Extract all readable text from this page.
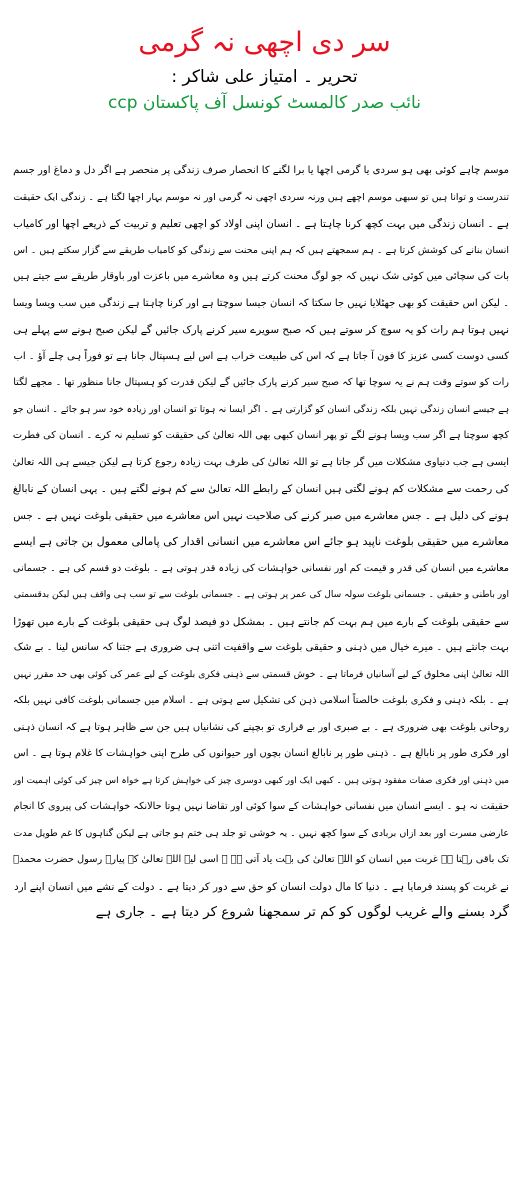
سر دی اچھی نہ گرمی
تحریر ۔ امتیاز علی شاکر :
نائب صدر کالمسٹ کونسل آف پاکستان ccp
موسم چاہے کوئی بھی ہو سردی یا گرمی اچھا یا برا لگنے کا انحصار صرف زندگی پر منحصر ہے اگر دل و دماغ اور جسم
تندرست و توانا ہیں تو سبھی موسم اچھے ہیں ورنہ سردی اچھی نہ گرمی اور نہ موسم بہار اچھا لگتا ہے ۔ زندگی ایک حقیقت
ہے ۔ انسان زندگی میں بہت کچھ کرنا چاہتا ہے ۔ انسان اپنی اولاد کو اچھی تعلیم و تربیت کے ذریعے اچھا اور کامیاب
انسان بنانے کی کوشش کرتا ہے ۔ ہم سمجھتے ہیں کہ ہم اپنی محنت سے زندگی کو کامیاب طریقے سے گزار سکتے ہیں ۔ اس
بات کی سچائی میں کوئی شک نہیں کہ جو لوگ محنت کرتے ہیں وہ معاشرے میں باعزت اور باوقار طریقے سے جیتے ہیں
۔ لیکن اس حقیقت کو بھی جھٹلایا نہیں جا سکتا کہ انسان جیسا سوچتا ہے اور کرنا چاہتا ہے زندگی میں سب ویسا ویسا
نہیں ہوتا ہم رات کو یہ سوچ کر سوتے ہیں کہ صبح سویرے سیر کرنے پارک جائیں گے لیکن صبح ہونے سے پہلے ہی
کسی دوست کسی عزیز کا فون آ جاتا ہے کہ اس کی طبیعت خراب ہے اس لیے ہسپتال جانا ہے تو فوراً ہی چلے آؤ ۔ اب
رات کو سوتے وقت ہم نے یہ سوچا تھا کہ صبح سیر کرنے پارک جائیں گے لیکن قدرت کو ہسپتال جانا منظور تھا ۔ مجھے لگتا
ہے جیسے انسان زندگی نہیں بلکہ زندگی انسان کو گزارتی ہے ۔ اگر ایسا نہ ہوتا تو انسان اور زیادہ خود سر ہو جائے ۔ انسان جو
کچھ سوچتا ہے اگر سب ویسا ہونے لگے تو پھر انسان کبھی بھی اللہ تعالیٰ کی حقیقت کو تسلیم نہ کرے ۔ انسان کی فطرت
ایسی ہے جب دنیاوی مشکلات میں گر جاتا ہے تو اللہ تعالیٰ کی طرف بہت زیادہ رجوع کرتا ہے لیکن جیسے ہی اللہ تعالیٰ
کی رحمت سے مشکلات کم ہونے لگتی ہیں انسان کے رابطے اللہ تعالیٰ سے کم ہونے لگتے ہیں ۔ یہی انسان کے نابالغ
ہونے کی دلیل ہے ۔ جس معاشرے میں صبر کرنے کی صلاحیت نہیں اس معاشرے میں حقیقی بلوغت نہیں ہے ۔ جس
معاشرے میں حقیقی بلوغت ناپید ہو جائے اس معاشرے میں انسانی اقدار کی پامالی معمول بن جاتی ہے ایسے
معاشرے میں انسان کی قدر و قیمت کم اور نفسانی خواہشات کی زیادہ قدر ہوتی ہے ۔ بلوغت دو قسم کی ہے ۔ جسمانی
اور باطنی و حقیقی ۔ جسمانی بلوغت سولہ سال کی عمر پر ہوتی ہے ۔ جسمانی بلوغت سے تو سب ہی واقف ہیں لیکن بدقسمتی
سے حقیقی بلوغت کے بارے میں ہم بہت کم جانتے ہیں ۔ بمشکل دو فیصد لوگ ہی حقیقی بلوغت کے بارے میں تھوڑا
بہت جانتے ہیں ۔ میرے خیال میں ذہنی و حقیقی بلوغت سے واقفیت اتنی ہی ضروری ہے جتنا کہ سانس لینا ۔ بے شک
اللہ تعالیٰ اپنی مخلوق کے لیے آسانیاں فرماتا ہے ۔ خوش قسمتی سے ذہنی فکری بلوغت کے لیے عمر کی کوئی بھی حد مقرر نہیں
ہے ۔ بلکہ ذہنی و فکری بلوغت خالصتاً اسلامی ذہن کی تشکیل سے ہوتی ہے ۔ اسلام میں جسمانی بلوغت کافی نہیں بلکہ
روحانی بلوغت بھی ضروری ہے ۔ بے صبری اور بے قراری تو بچپنے کی نشانیاں ہیں جن سے ظاہر ہوتا ہے کہ انسان ذہنی
اور فکری طور پر نابالغ ہے ۔ ذہنی طور پر نابالغ انسان بچوں اور حیوانوں کی طرح اپنی خواہشات کا غلام ہوتا ہے ۔ اس
میں ذہنی اور فکری صفات مفقود ہوتی ہیں ۔ کبھی ایک اور کبھی دوسری چیز کی خواہش کرتا ہے خواہ اس چیز کی کوئی اہمیت اور
حقیقت نہ ہو ۔ ایسے انسان میں نفسانی خواہشات کے سوا کوئی اور تقاضا نہیں ہوتا حالانکہ خواہشات کی پیروی کا انجام
عارضی مسرت اور بعد ازاں بربادی کے سوا کچھ نہیں ۔ یہ خوشی تو جلد ہی ختم ہو جاتی ہے لیکن گناہوں کا غم طویل مدت
تک باقی رہتا ہے غربت میں انسان کو اللہ تعالیٰ کی بہت یاد آتی ہے ۔ اسی لیے اللہ تعالیٰ کے پیارے رسول حضرت محمدؐ
نے غربت کو پسند فرمایا ہے ۔ دنیا کا مال دولت انسان کو حق سے دور کر دیتا ہے ۔ دولت کے نشے میں انسان اپنے ارد
گرد بسنے والے غریب لوگوں کو کم تر سمجھنا شروع کر دیتا ہے ۔ جاری ہے
